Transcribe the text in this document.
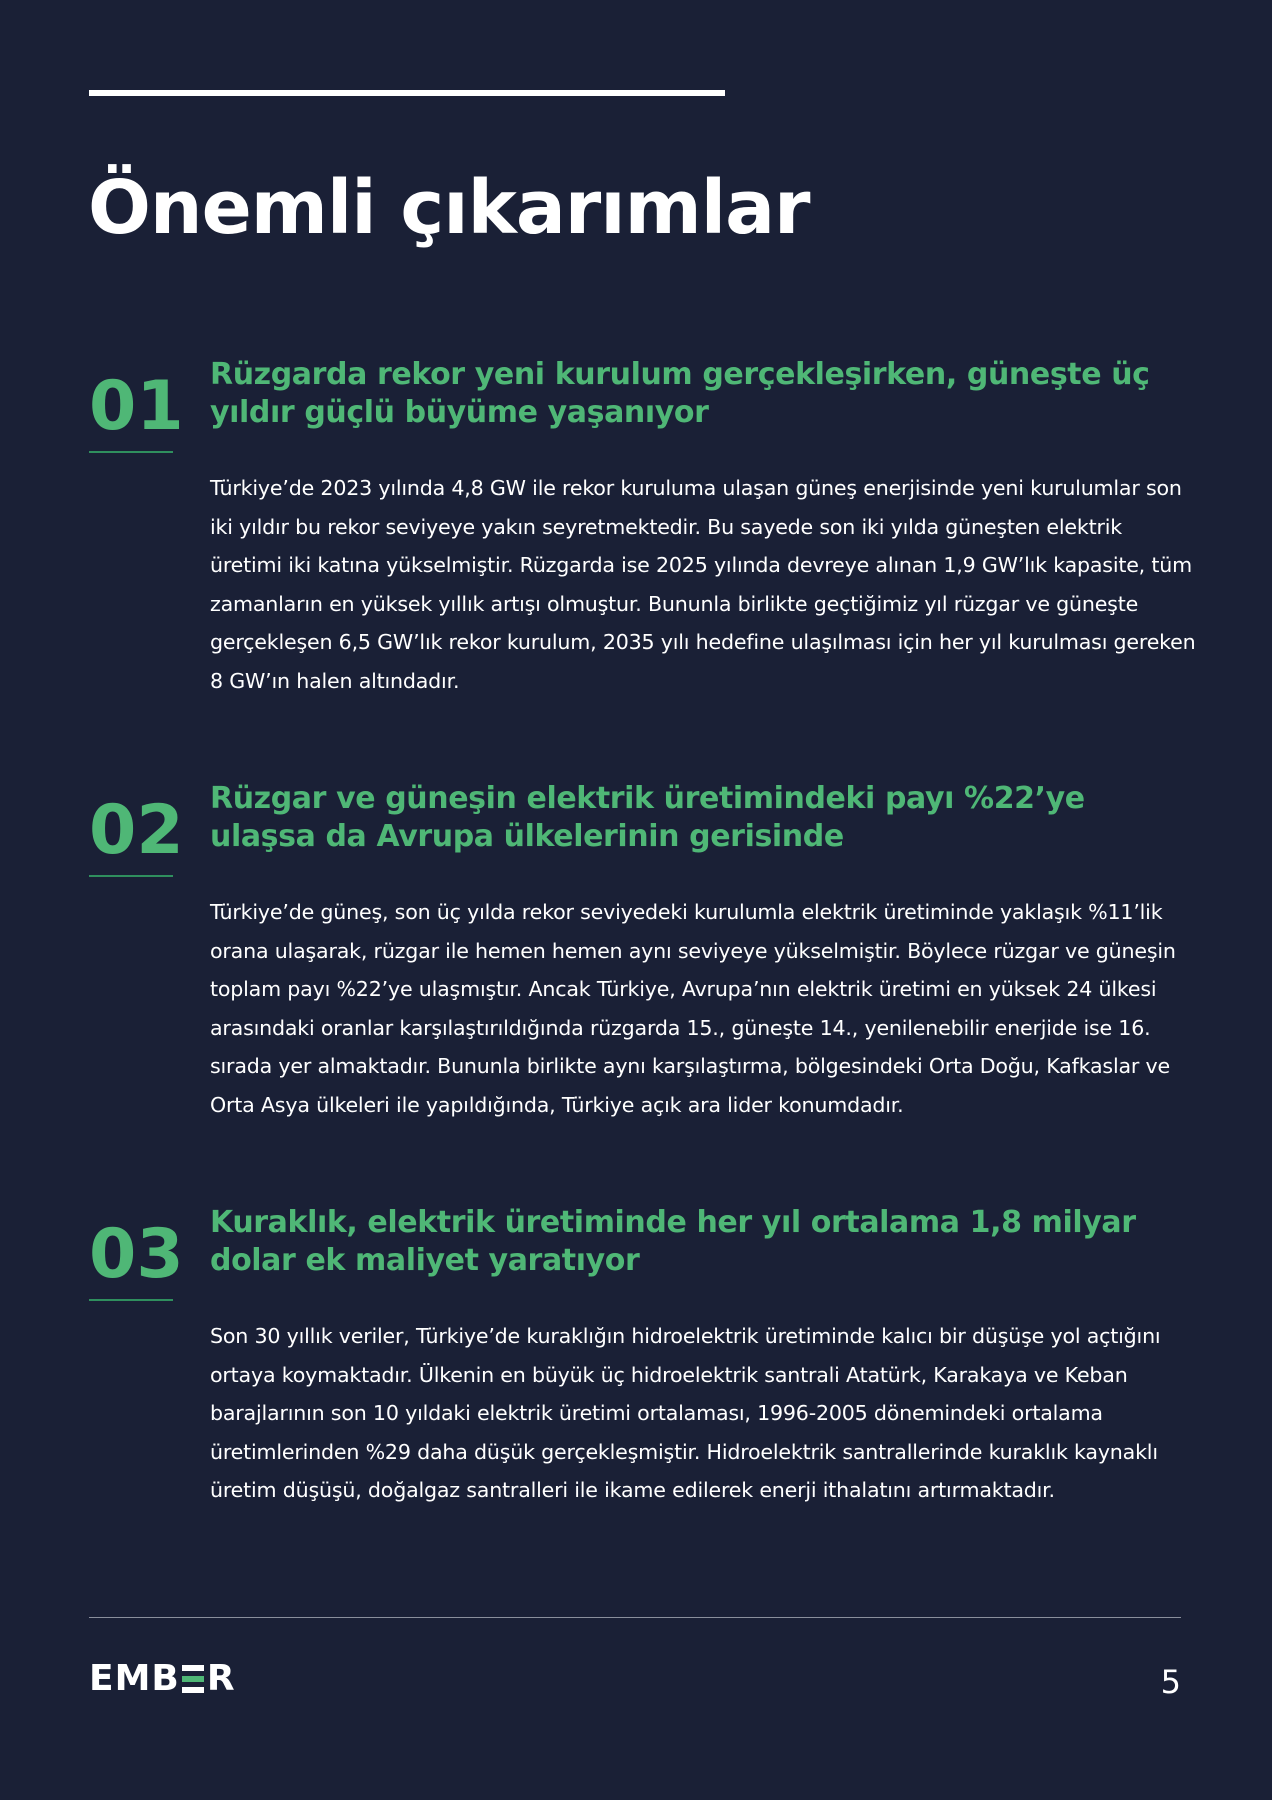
Önemli çıkarımlar
01 Rüzgarda rekor yeni kurulum gerçekleşirken, güneşte üç yıldır güçlü büyüme yaşanıyor

Türkiye’de 2023 yılında 4,8 GW ile rekor kuruluma ulaşan güneş enerjisinde yeni kurulumlar son iki yıldır bu rekor seviyeye yakın seyretmektedir. Bu sayede son iki yılda güneşten elektrik üretimi iki katına yükselmiştir. Rüzgarda ise 2025 yılında devreye alınan 1,9 GW’lık kapasite, tüm zamanların en yüksek yıllık artışı olmuştur. Bununla birlikte geçtiğimiz yıl rüzgar ve güneşte gerçekleşen 6,5 GW’lık rekor kurulum, 2035 yılı hedefine ulaşılması için her yıl kurulması gereken 8 GW’ın halen altındadır.

02 Rüzgar ve güneşin elektrik üretimindeki payı %22’ye ulaşsa da Avrupa ülkelerinin gerisinde

Türkiye’de güneş, son üç yılda rekor seviyedeki kurulumla elektrik üretiminde yaklaşık %11’lik orana ulaşarak, rüzgar ile hemen hemen aynı seviyeye yükselmiştir. Böylece rüzgar ve güneşin toplam payı %22’ye ulaşmıştır. Ancak Türkiye, Avrupa’nın elektrik üretimi en yüksek 24 ülkesi arasındaki oranlar karşılaştırıldığında rüzgarda 15., güneşte 14., yenilenebilir enerjide ise 16. sırada yer almaktadır. Bununla birlikte aynı karşılaştırma, bölgesindeki Orta Doğu, Kafkaslar ve Orta Asya ülkeleri ile yapıldığında, Türkiye açık ara lider konumdadır.

03 Kuraklık, elektrik üretiminde her yıl ortalama 1,8 milyar dolar ek maliyet yaratıyor

Son 30 yıllık veriler, Türkiye’de kuraklığın hidroelektrik üretiminde kalıcı bir düşüşe yol açtığını ortaya koymaktadır. Ülkenin en büyük üç hidroelektrik santrali Atatürk, Karakaya ve Keban barajlarının son 10 yıldaki elektrik üretimi ortalaması, 1996-2005 dönemindeki ortalama üretimlerinden %29 daha düşük gerçekleşmiştir. Hidroelektrik santrallerinde kuraklık kaynaklı üretim düşüşü, doğalgaz santralleri ile ikame edilerek enerji ithalatını artırmaktadır.

EMB R	5
